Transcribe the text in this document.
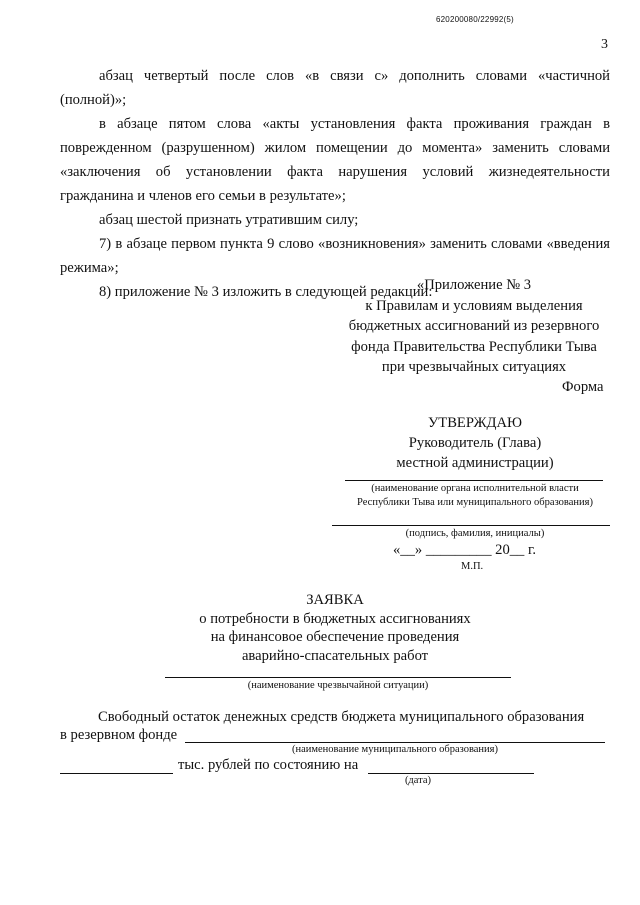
620200080/22992(5)
3

абзац четвертый после слов «в связи с» дополнить словами «частичной (полной)»;

в абзаце пятом слова «акты установления факта проживания граждан в поврежденном (разрушенном) жилом помещении до момента» заменить словами «заключения об установлении факта нарушения условий жизнедеятельности гражданина и членов его семьи в результате»;

абзац шестой признать утратившим силу;

7) в абзаце первом пункта 9 слово «возникновения» заменить словами «введения режима»;

8) приложение № 3 изложить в следующей редакции:

«Приложение № 3
к Правилам и условиям выделения
бюджетных ассигнований из резервного
фонда Правительства Республики Тыва
при чрезвычайных ситуациях
Форма
УТВЕРЖДАЮ
Руководитель (Глава)
местной администрации)
(наименование органа исполнительной власти
Республики Тыва или муниципального образования)
(подпись, фамилия, инициалы)
«__» _________ 20__ г.
М.П.
ЗАЯВКА
о потребности в бюджетных ассигнованиях
на финансовое обеспечение проведения
аварийно-спасательных работ
(наименование чрезвычайной ситуации)
Свободный остаток денежных средств бюджета муниципального образования
в резервном фонде
(наименование муниципального образования)
тыс. рублей по состоянию на
(дата)
